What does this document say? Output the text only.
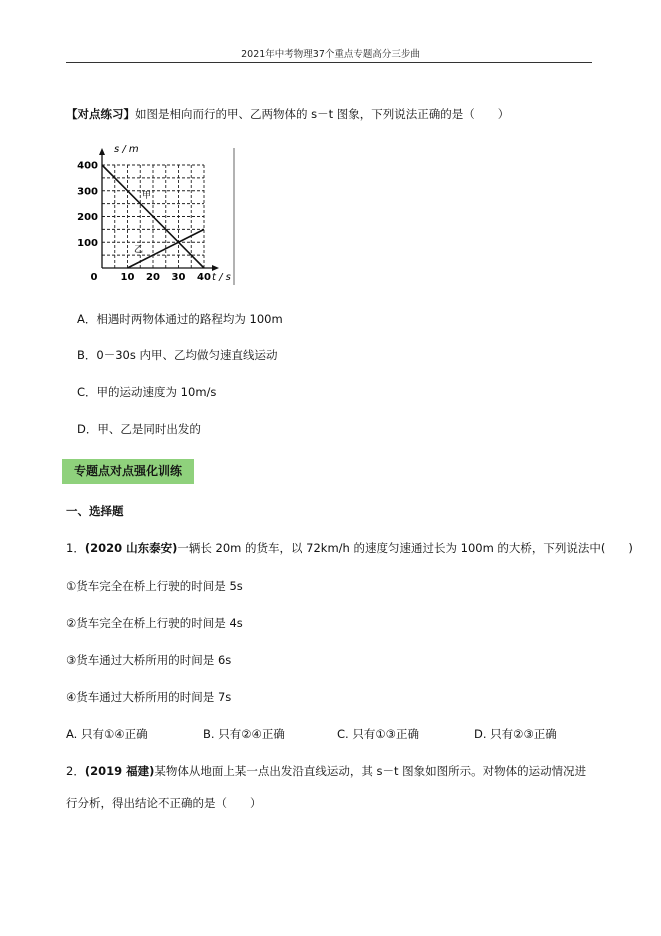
2021年中考物理37个重点专题高分三步曲
【对点练习】如图是相向而行的甲、乙两物体的 s－t 图象，下列说法正确的是（　　）
0 10 20 30 40
100
200
300
400
s / m
t / s
甲
乙
A．相遇时两物体通过的路程均为 100m
B．0－30s 内甲、乙均做匀速直线运动
C．甲的运动速度为 10m/s
D．甲、乙是同时出发的
专题点对点强化训练
一、选择题
1．(2020 山东泰安)一辆长 20m 的货车，以 72km/h 的速度匀速通过长为 100m 的大桥，下列说法中(　　)
①货车完全在桥上行驶的时间是 5s
②货车完全在桥上行驶的时间是 4s
③货车通过大桥所用的时间是 6s
④货车通过大桥所用的时间是 7s
A. 只有①④正确	B. 只有②④正确	C. 只有①③正确	D. 只有②③正确
2．(2019 福建)某物体从地面上某一点出发沿直线运动，其 s－t 图象如图所示。对物体的运动情况进
行分析，得出结论不正确的是（　　）
